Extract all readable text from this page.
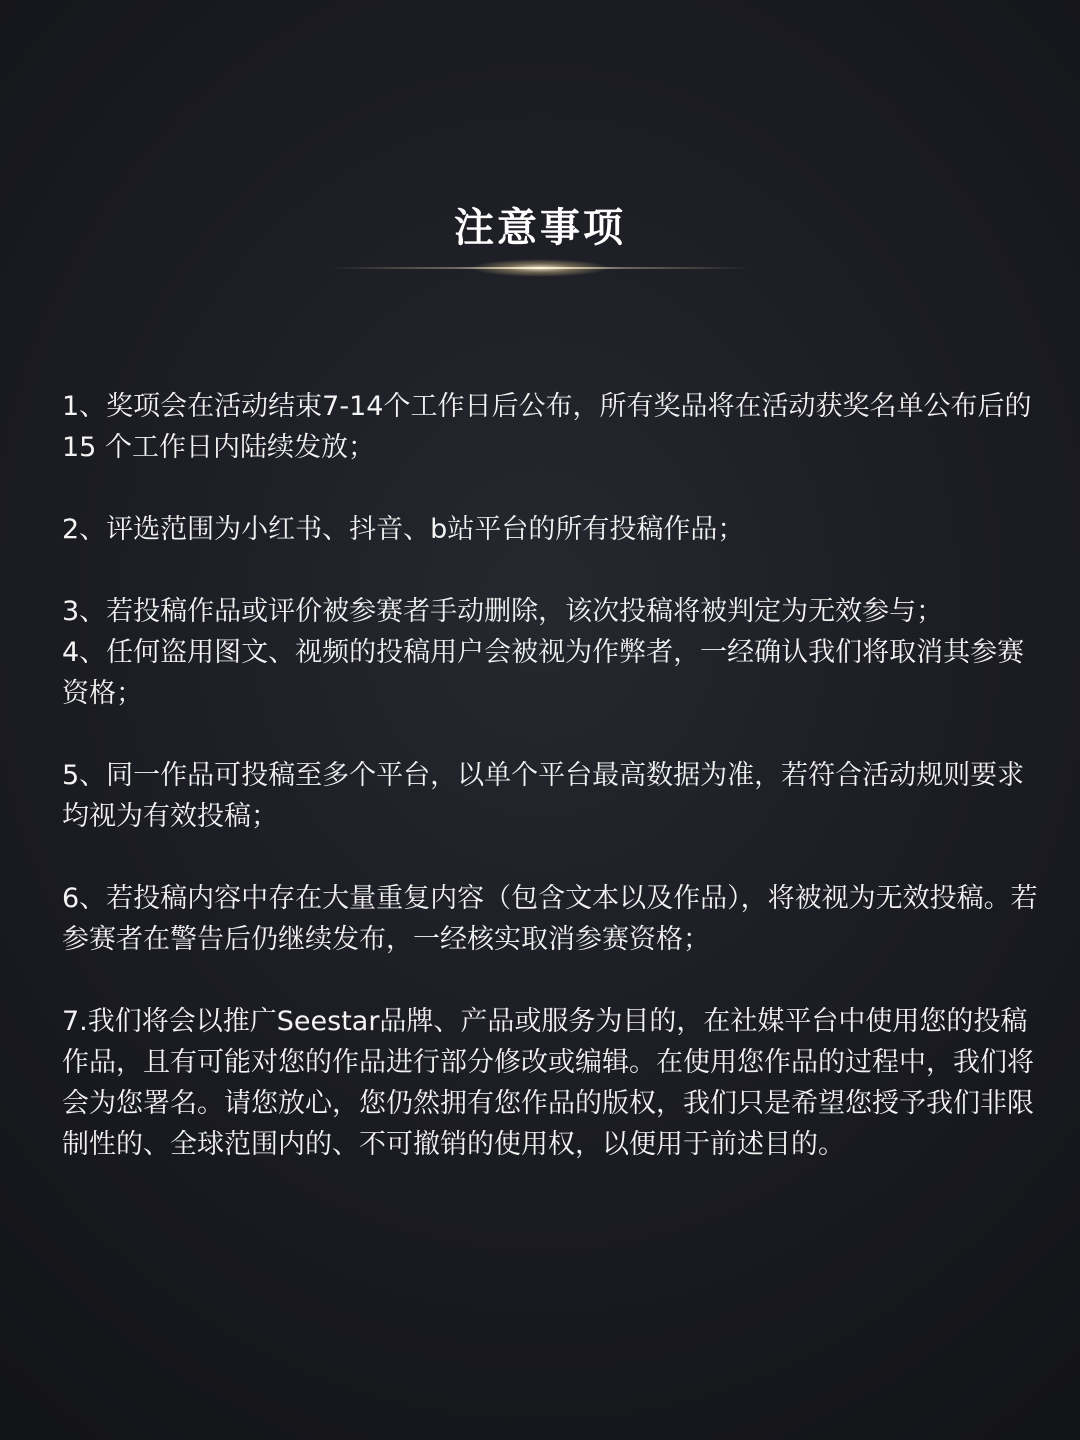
注意事项

1、奖项会在活动结束7-14个工作日后公布，所有奖品将在活动获奖名单公布后的 15 个工作日内陆续发放；

2、评选范围为小红书、抖音、b站平台的所有投稿作品；

3、若投稿作品或评价被参赛者手动删除，该次投稿将被判定为无效参与；

4、任何盗用图文、视频的投稿用户会被视为作弊者，一经确认我们将取消其参赛资格；

5、同一作品可投稿至多个平台，以单个平台最高数据为准，若符合活动规则要求均视为有效投稿；

6、若投稿内容中存在大量重复内容（包含文本以及作品），将被视为无效投稿。若参赛者在警告后仍继续发布，一经核实取消参赛资格；

7.我们将会以推广Seestar品牌、产品或服务为目的，在社媒平台中使用您的投稿作品，且有可能对您的作品进行部分修改或编辑。在使用您作品的过程中，我们将会为您署名。请您放心，您仍然拥有您作品的版权，我们只是希望您授予我们非限制性的、全球范围内的、不可撤销的使用权，以便用于前述目的。
